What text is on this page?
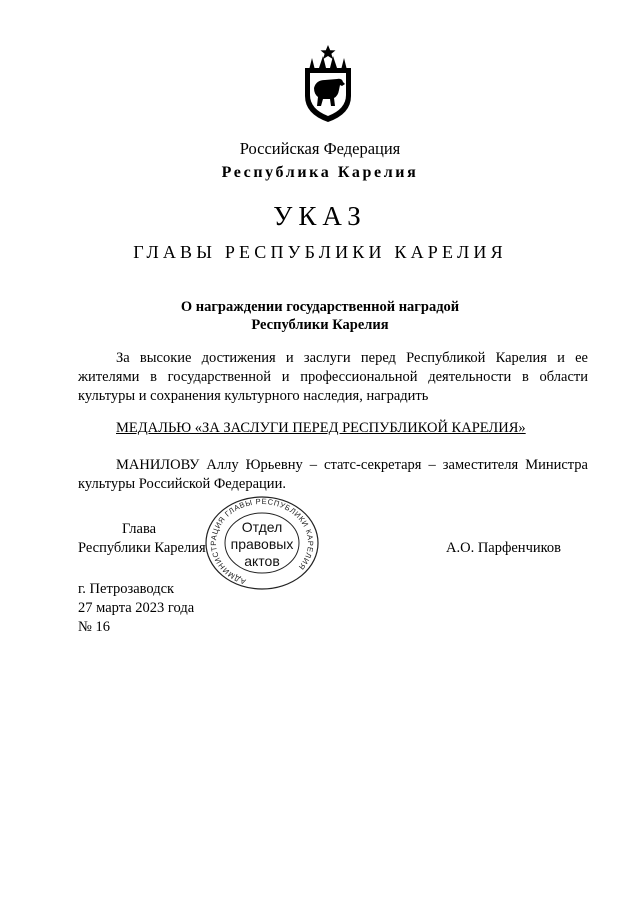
Российская Федерация
Республика Карелия
УКАЗ
ГЛАВЫ РЕСПУБЛИКИ КАРЕЛИЯ
О награждении государственной наградой
Республики Карелия
За высокие достижения и заслуги перед Республикой Карелия и ее жителями в государственной и профессиональной деятельности в области культуры и сохранения культурного наследия, наградить
МЕДАЛЬЮ «ЗА ЗАСЛУГИ ПЕРЕД РЕСПУБЛИКОЙ КАРЕЛИЯ»
МАНИЛОВУ Аллу Юрьевну – статс-секретаря – заместителя Министра культуры Российской Федерации.
АДМИНИСТРАЦИЯ ГЛАВЫ РЕСПУБЛИКИ КАРЕЛИЯ
Отдел
правовых
актов
Глава
Республики Карелия	А.О. Парфенчиков
г. Петрозаводск
27 марта 2023 года
№ 16
